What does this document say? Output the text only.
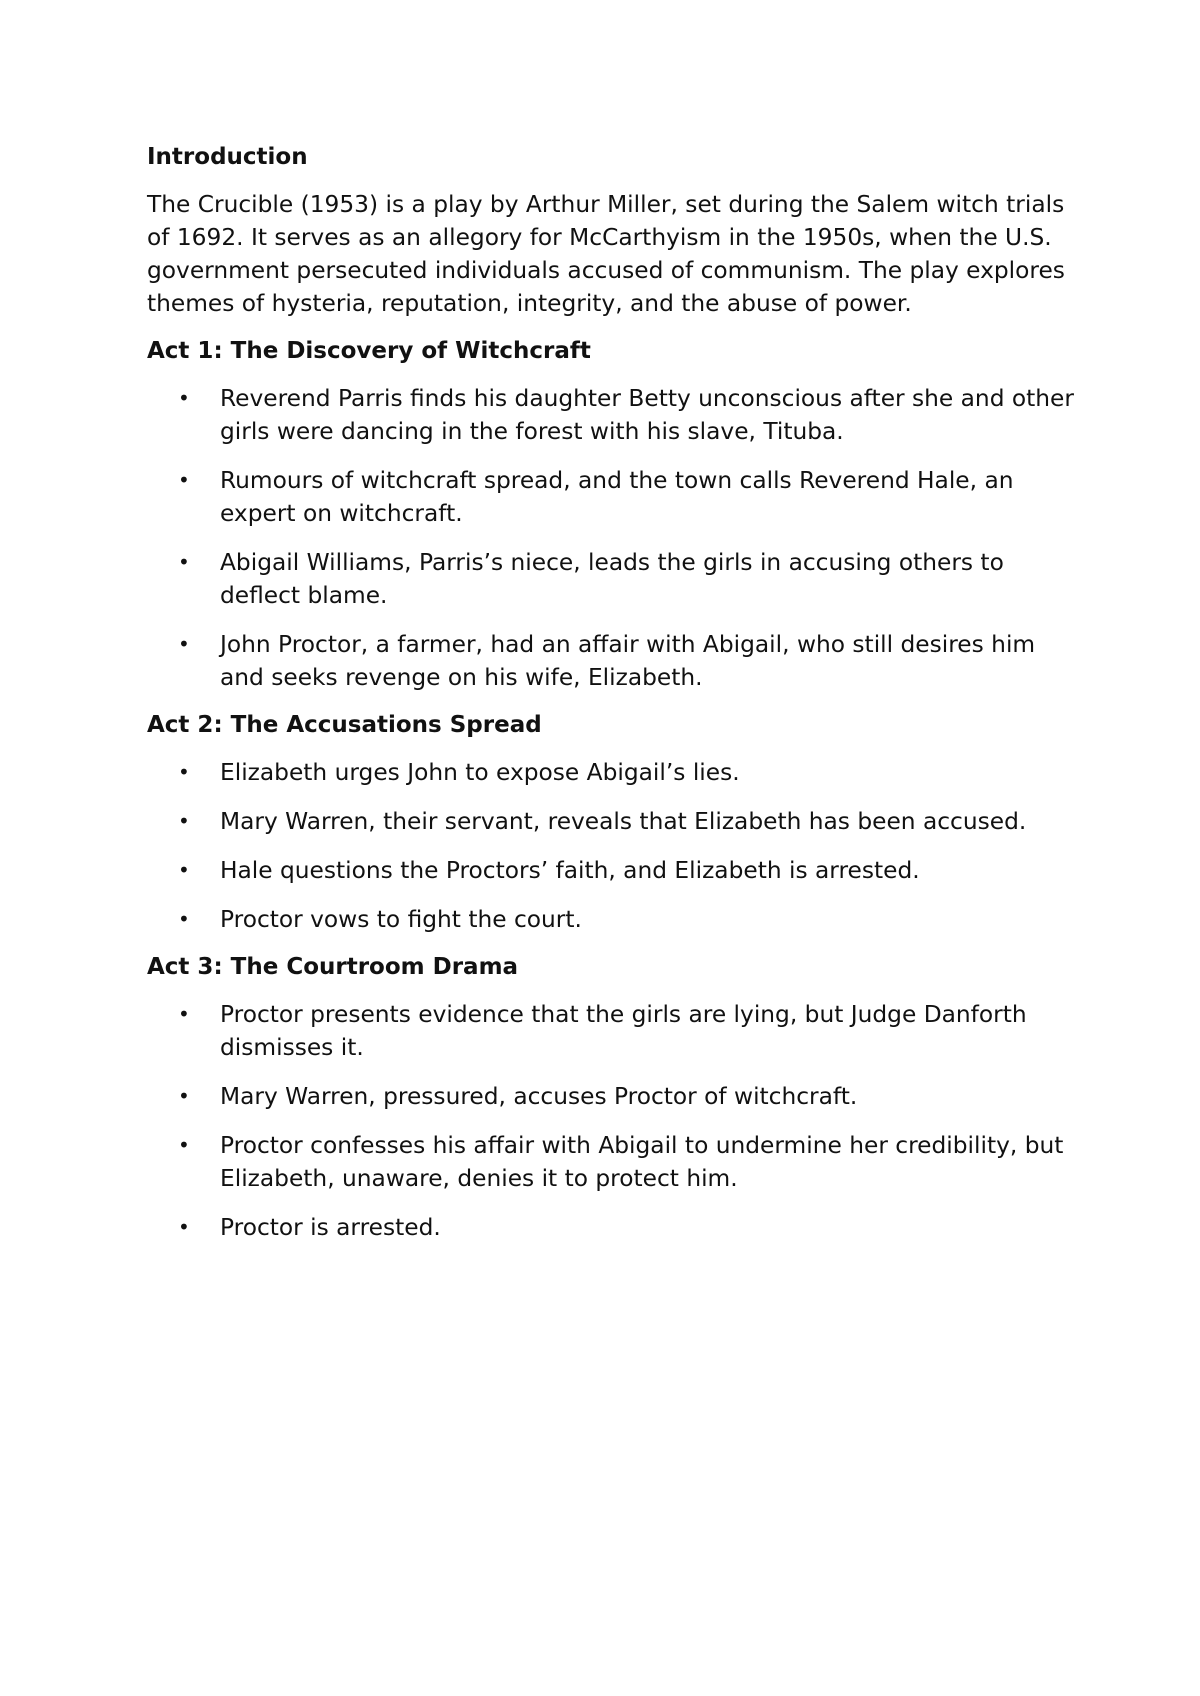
Introduction

The Crucible (1953) is a play by Arthur Miller, set during the Salem witch trials of 1692. It serves as an allegory for McCarthyism in the 1950s, when the U.S. government persecuted individuals accused of communism. The play explores themes of hysteria, reputation, integrity, and the abuse of power.

Act 1: The Discovery of Witchcraft
• Reverend Parris finds his daughter Betty unconscious after she and other girls were dancing in the forest with his slave, Tituba.
• Rumours of witchcraft spread, and the town calls Reverend Hale, an expert on witchcraft.
• Abigail Williams, Parris’s niece, leads the girls in accusing others to deflect blame.
• John Proctor, a farmer, had an affair with Abigail, who still desires him and seeks revenge on his wife, Elizabeth.
Act 2: The Accusations Spread
• Elizabeth urges John to expose Abigail’s lies.
• Mary Warren, their servant, reveals that Elizabeth has been accused.
• Hale questions the Proctors’ faith, and Elizabeth is arrested.
• Proctor vows to fight the court.
Act 3: The Courtroom Drama
• Proctor presents evidence that the girls are lying, but Judge Danforth dismisses it.
• Mary Warren, pressured, accuses Proctor of witchcraft.
• Proctor confesses his affair with Abigail to undermine her credibility, but Elizabeth, unaware, denies it to protect him.
• Proctor is arrested.
